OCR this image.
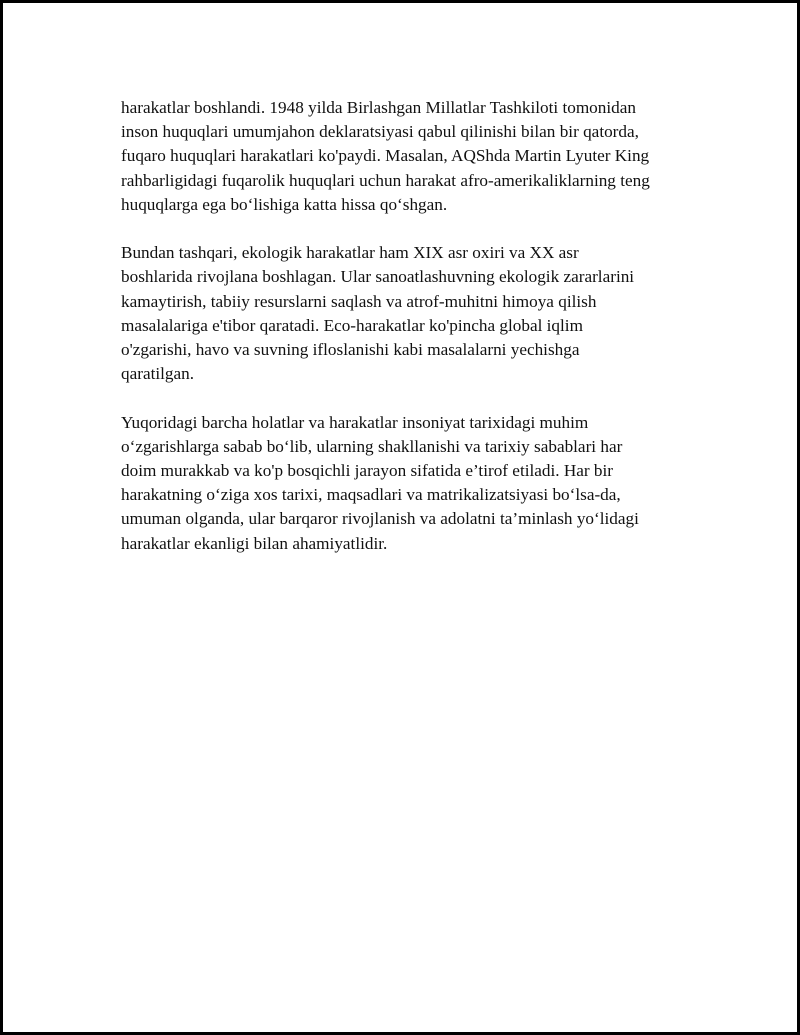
harakatlar boshlandi. 1948 yilda Birlashgan Millatlar Tashkiloti tomonidan
inson huquqlari umumjahon deklaratsiyasi qabul qilinishi bilan bir qatorda,
fuqaro huquqlari harakatlari ko'paydi. Masalan, AQShda Martin Lyuter King
rahbarligidagi fuqarolik huquqlari uchun harakat afro-amerikaliklarning teng
huquqlarga ega bo‘lishiga katta hissa qo‘shgan.

Bundan tashqari, ekologik harakatlar ham XIX asr oxiri va XX asr
boshlarida rivojlana boshlagan. Ular sanoatlashuvning ekologik zararlarini
kamaytirish, tabiiy resurslarni saqlash va atrof-muhitni himoya qilish
masalalariga e'tibor qaratadi. Eco-harakatlar ko'pincha global iqlim
o'zgarishi, havo va suvning ifloslanishi kabi masalalarni yechishga
qaratilgan.

Yuqoridagi barcha holatlar va harakatlar insoniyat tarixidagi muhim
o‘zgarishlarga sabab bo‘lib, ularning shakllanishi va tarixiy sabablari har
doim murakkab va ko'p bosqichli jarayon sifatida e’tirof etiladi. Har bir
harakatning o‘ziga xos tarixi, maqsadlari va matrikalizatsiyasi bo‘lsa-da,
umuman olganda, ular barqaror rivojlanish va adolatni ta’minlash yo‘lidagi
harakatlar ekanligi bilan ahamiyatlidir.
